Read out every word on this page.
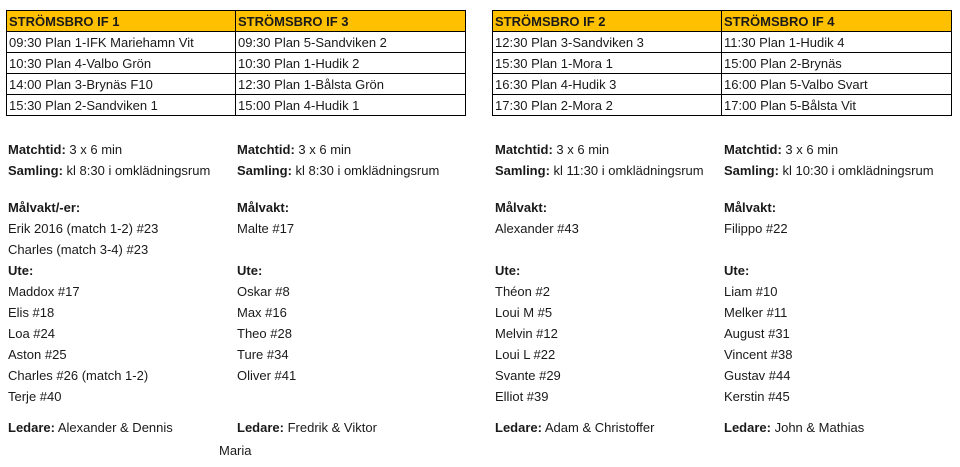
STRÖMSBRO IF 1	STRÖMSBRO IF 3
09:30 Plan 1-IFK Mariehamn Vit	09:30 Plan 5-Sandviken 2
10:30 Plan 4-Valbo Grön	10:30 Plan 1-Hudik 2
14:00 Plan 3-Brynäs F10	12:30 Plan 1-Bålsta Grön
15:30 Plan 2-Sandviken 1	15:00 Plan 4-Hudik 1
STRÖMSBRO IF 2	STRÖMSBRO IF 4
12:30 Plan 3-Sandviken 3	11:30 Plan 1-Hudik 4
15:30 Plan 1-Mora 1	15:00 Plan 2-Brynäs
16:30 Plan 4-Hudik 3	16:00 Plan 5-Valbo Svart
17:30 Plan 2-Mora 2	17:00 Plan 5-Bålsta Vit
Matchtid: 3 x 6 min
Samling: kl 8:30 i omklädningsrum
Målvakt/-er:
Erik 2016 (match 1-2) #23
Charles (match 3-4) #23
Ute:
Maddox #17
Elis #18
Loa #24
Aston #25
Charles #26 (match 1-2)
Terje #40
Ledare: Alexander & Dennis
Matchtid: 3 x 6 min
Samling: kl 8:30 i omklädningsrum
Målvakt:
Malte #17
Ute:
Oskar #8
Max #16
Theo #28
Ture #34
Oliver #41
Ledare: Fredrik & Viktor
Maria
Matchtid: 3 x 6 min
Samling: kl 11:30 i omklädningsrum
Målvakt:
Alexander #43
Ute:
Théon #2
Loui M #5
Melvin #12
Loui L #22
Svante #29
Elliot #39
Ledare: Adam & Christoffer
Matchtid: 3 x 6 min
Samling: kl 10:30 i omklädningsrum
Målvakt:
Filippo #22
Ute:
Liam #10
Melker #11
August #31
Vincent #38
Gustav #44
Kerstin #45
Ledare: John & Mathias
